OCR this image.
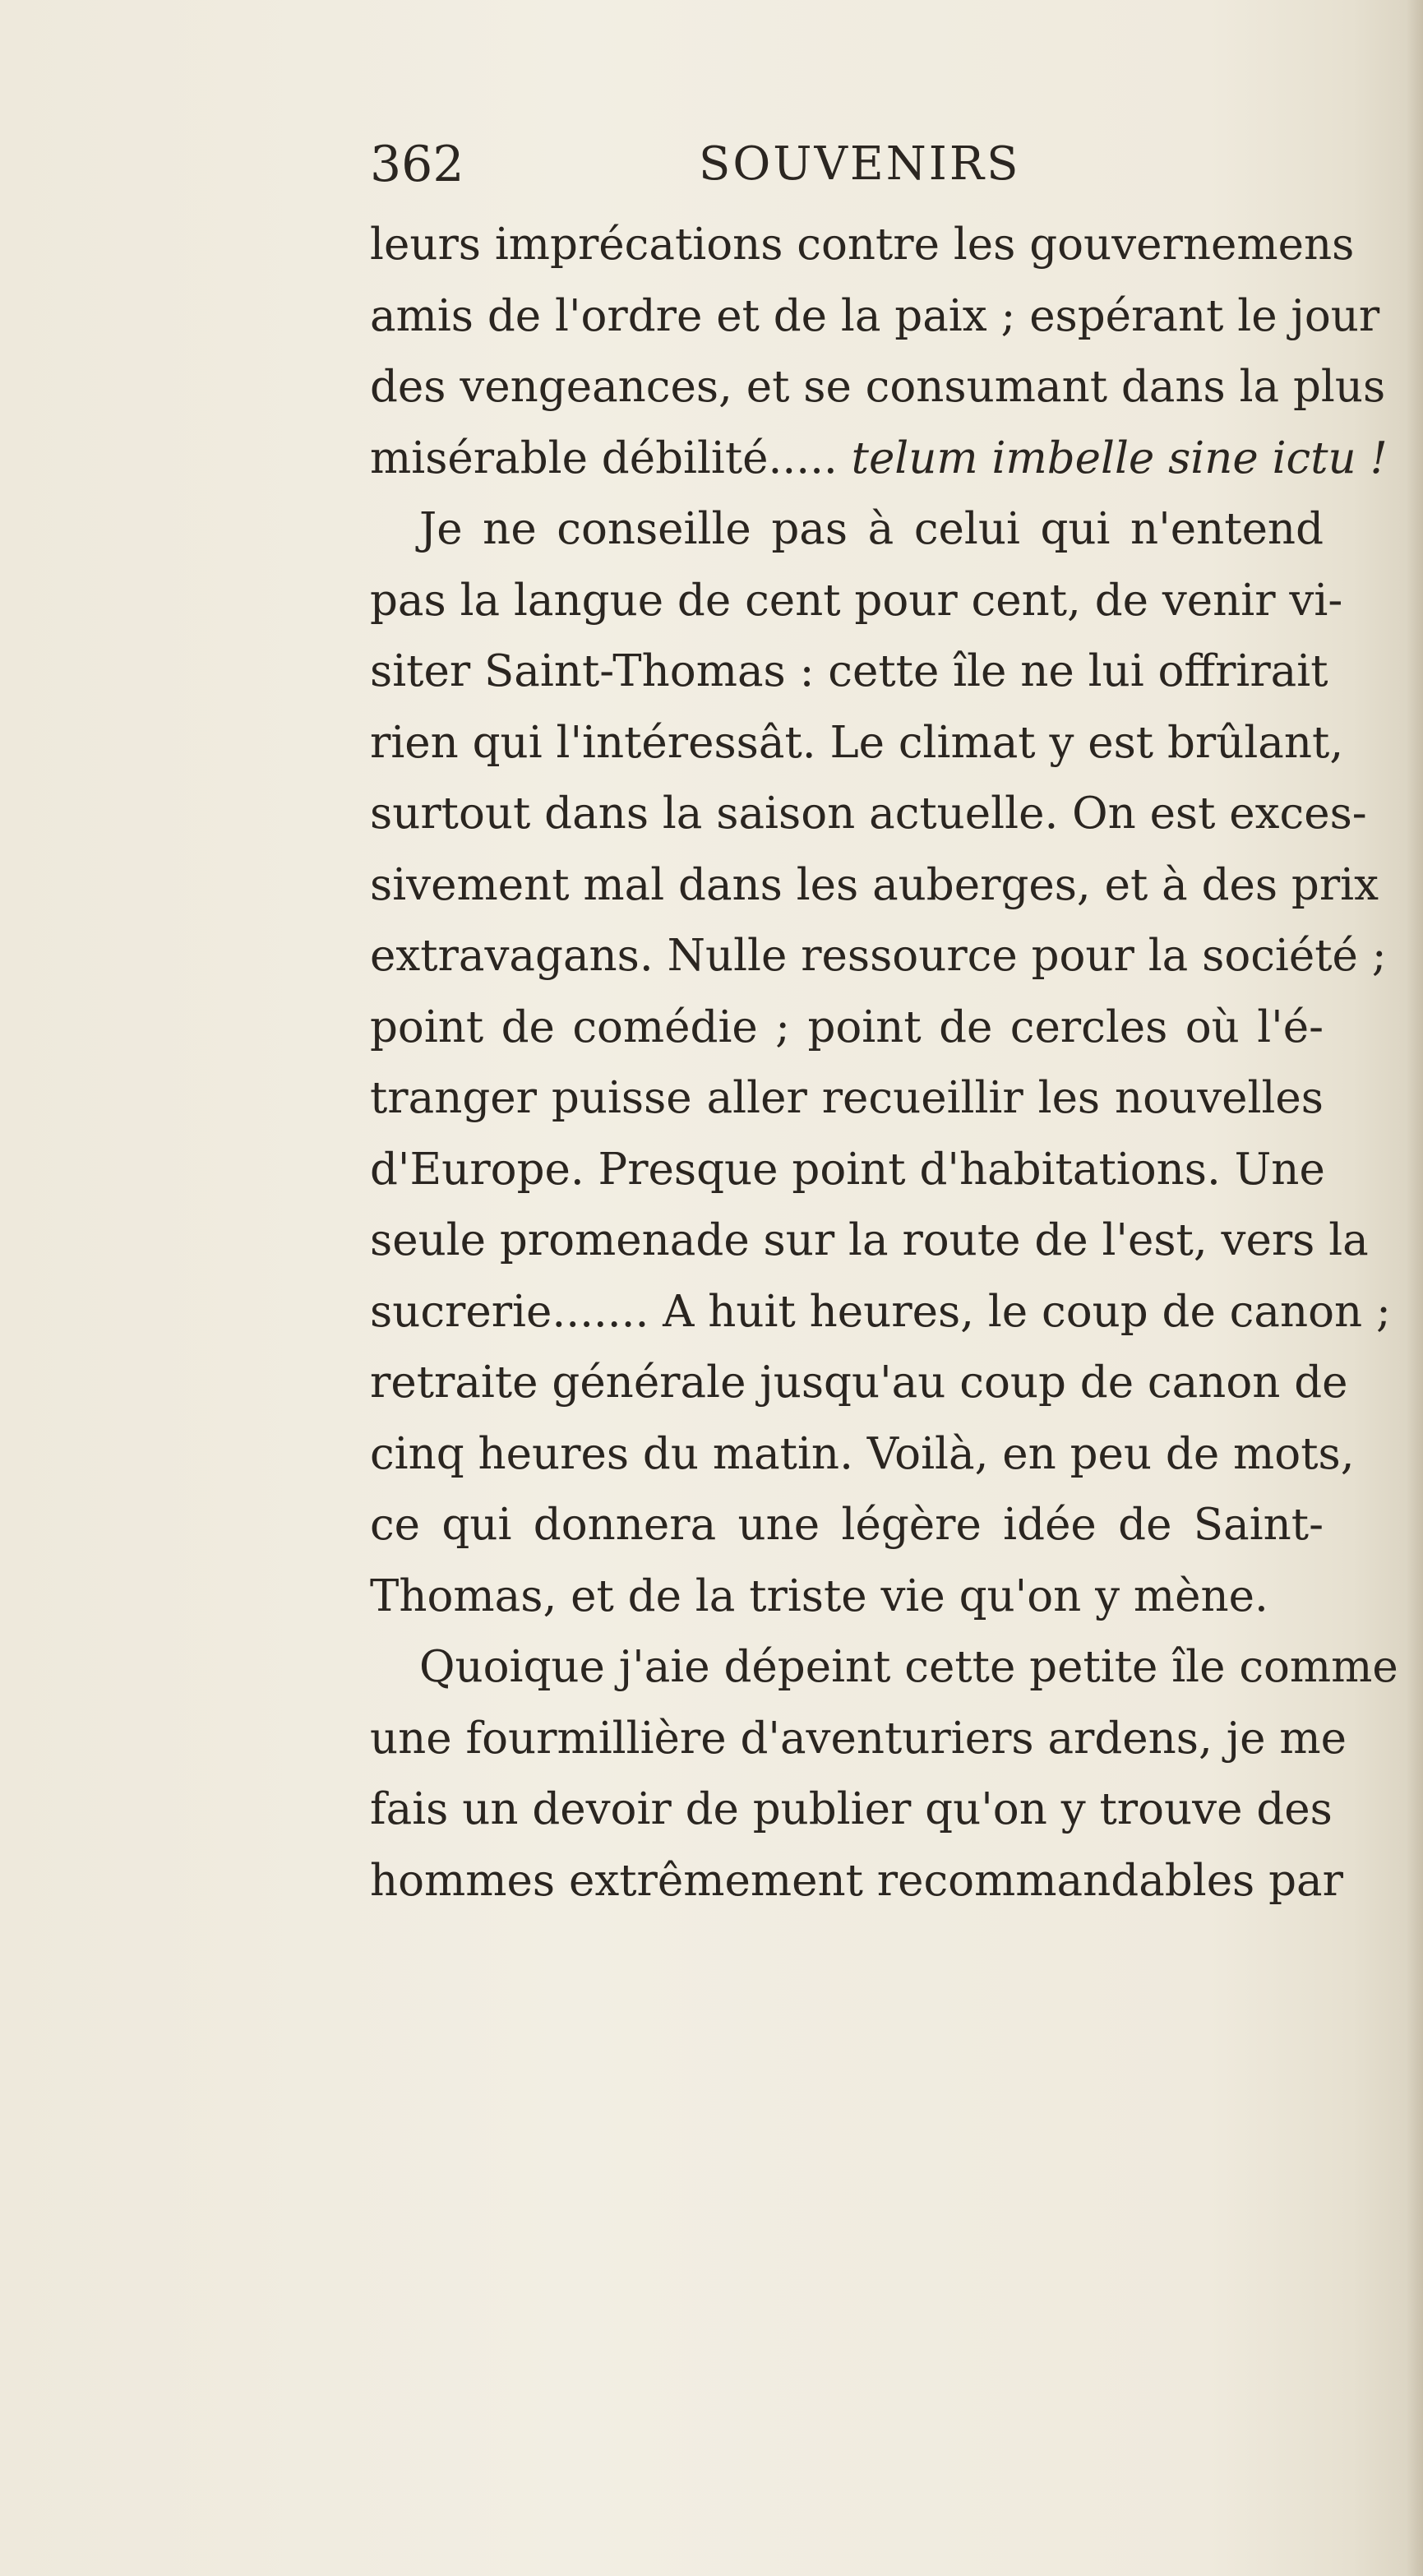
362	SOUVENIRS
leurs imprécations contre les gouvernemens
amis de l'ordre et de la paix ; espérant le jour
des vengeances, et se consumant dans la plus
misérable débilité..... telum imbelle sine ictu !
Je ne conseille pas à celui qui n'entend
pas la langue de cent pour cent, de venir vi-
siter Saint-Thomas : cette île ne lui offrirait
rien qui l'intéressât. Le climat y est brûlant,
surtout dans la saison actuelle. On est exces-
sivement mal dans les auberges, et à des prix
extravagans. Nulle ressource pour la société ;
point de comédie ; point de cercles où l'é-
tranger puisse aller recueillir les nouvelles
d'Europe. Presque point d'habitations. Une
seule promenade sur la route de l'est, vers la
sucrerie....... A huit heures, le coup de canon ;
retraite générale jusqu'au coup de canon de
cinq heures du matin. Voilà, en peu de mots,
ce qui donnera une légère idée de Saint-
Thomas, et de la triste vie qu'on y mène.
Quoique j'aie dépeint cette petite île comme
une fourmillière d'aventuriers ardens, je me
fais un devoir de publier qu'on y trouve des
hommes extrêmement recommandables par
